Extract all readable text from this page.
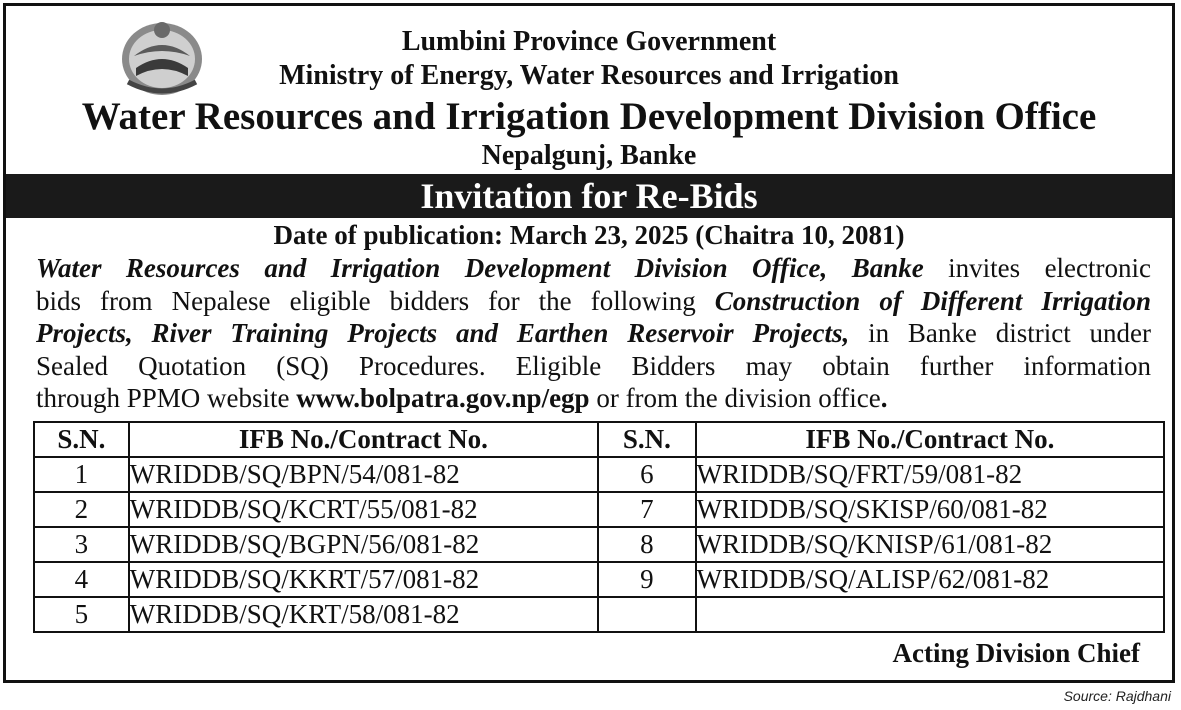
Lumbini Province Government
Ministry of Energy, Water Resources and Irrigation
Water Resources and Irrigation Development Division Office
Nepalgunj, Banke
Invitation for Re-Bids
Date of publication: March 23, 2025 (Chaitra 10, 2081)
Water Resources and Irrigation Development Division Office, Banke invites electronic
bids from Nepalese eligible bidders for the following Construction of Different Irrigation
Projects, River Training Projects and Earthen Reservoir Projects, in Banke district under
Sealed Quotation (SQ) Procedures. Eligible Bidders may obtain further information
through PPMO website www.bolpatra.gov.np/egp or from the division office.
S.N.	IFB No./Contract No.	S.N.	IFB No./Contract No.
1	WRIDDB/SQ/BPN/54/081-82	6	WRIDDB/SQ/FRT/59/081-82
2	WRIDDB/SQ/KCRT/55/081-82	7	WRIDDB/SQ/SKISP/60/081-82
3	WRIDDB/SQ/BGPN/56/081-82	8	WRIDDB/SQ/KNISP/61/081-82
4	WRIDDB/SQ/KKRT/57/081-82	9	WRIDDB/SQ/ALISP/62/081-82
5	WRIDDB/SQ/KRT/58/081-82		
Acting Division Chief
Source: Rajdhani
